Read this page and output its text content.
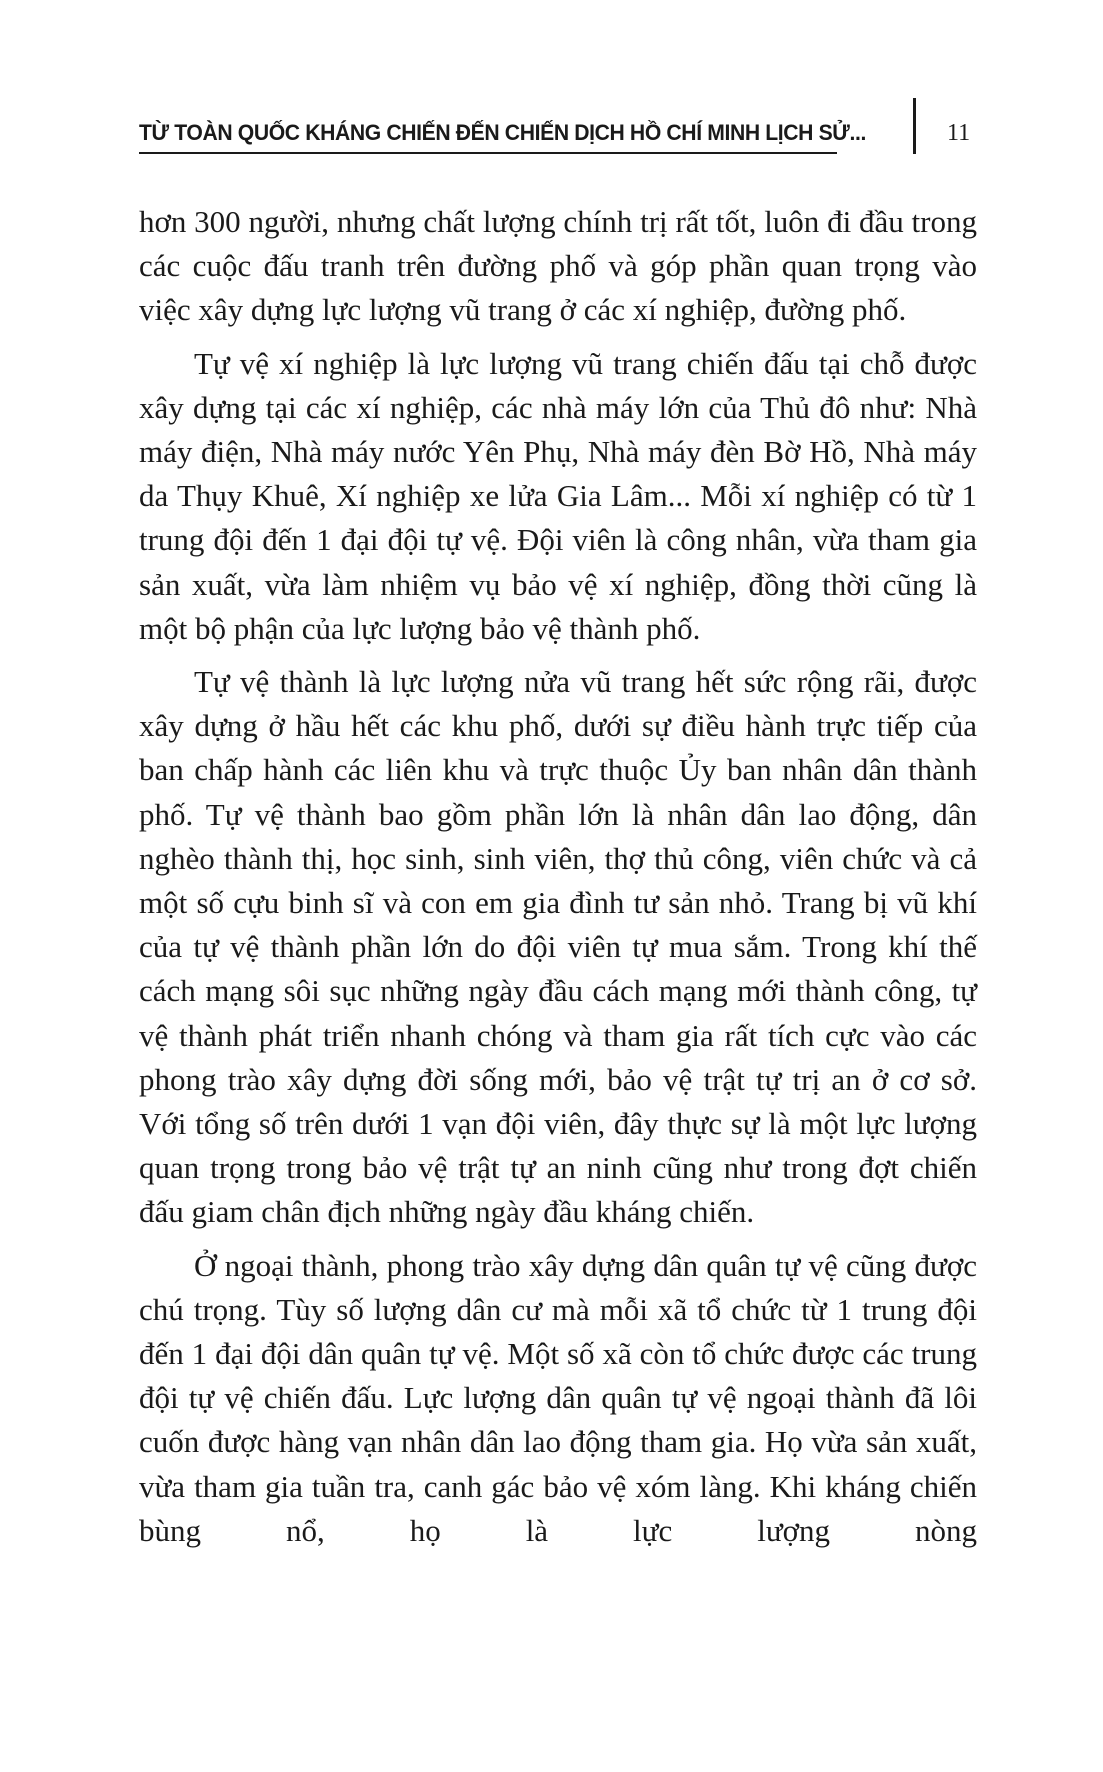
TỪ TOÀN QUỐC KHÁNG CHIẾN ĐẾN CHIẾN DỊCH HỒ CHÍ MINH LỊCH SỬ...	11

hơn 300 người, nhưng chất lượng chính trị rất tốt, luôn đi đầu trong các cuộc đấu tranh trên đường phố và góp phần quan trọng vào việc xây dựng lực lượng vũ trang ở các xí nghiệp, đường phố.

Tự vệ xí nghiệp là lực lượng vũ trang chiến đấu tại chỗ được xây dựng tại các xí nghiệp, các nhà máy lớn của Thủ đô như: Nhà máy điện, Nhà máy nước Yên Phụ, Nhà máy đèn Bờ Hồ, Nhà máy da Thụy Khuê, Xí nghiệp xe lửa Gia Lâm... Mỗi xí nghiệp có từ 1 trung đội đến 1 đại đội tự vệ. Đội viên là công nhân, vừa tham gia sản xuất, vừa làm nhiệm vụ bảo vệ xí nghiệp, đồng thời cũng là một bộ phận của lực lượng bảo vệ thành phố.

Tự vệ thành là lực lượng nửa vũ trang hết sức rộng rãi, được xây dựng ở hầu hết các khu phố, dưới sự điều hành trực tiếp của ban chấp hành các liên khu và trực thuộc Ủy ban nhân dân thành phố. Tự vệ thành bao gồm phần lớn là nhân dân lao động, dân nghèo thành thị, học sinh, sinh viên, thợ thủ công, viên chức và cả một số cựu binh sĩ và con em gia đình tư sản nhỏ. Trang bị vũ khí của tự vệ thành phần lớn do đội viên tự mua sắm. Trong khí thế cách mạng sôi sục những ngày đầu cách mạng mới thành công, tự vệ thành phát triển nhanh chóng và tham gia rất tích cực vào các phong trào xây dựng đời sống mới, bảo vệ trật tự trị an ở cơ sở. Với tổng số trên dưới 1 vạn đội viên, đây thực sự là một lực lượng quan trọng trong bảo vệ trật tự an ninh cũng như trong đợt chiến đấu giam chân địch những ngày đầu kháng chiến.

Ở ngoại thành, phong trào xây dựng dân quân tự vệ cũng được chú trọng. Tùy số lượng dân cư mà mỗi xã tổ chức từ 1 trung đội đến 1 đại đội dân quân tự vệ. Một số xã còn tổ chức được các trung đội tự vệ chiến đấu. Lực lượng dân quân tự vệ ngoại thành đã lôi cuốn được hàng vạn nhân dân lao động tham gia. Họ vừa sản xuất, vừa tham gia tuần tra, canh gác bảo vệ xóm làng. Khi kháng chiến bùng nổ, họ là lực lượng nòng
